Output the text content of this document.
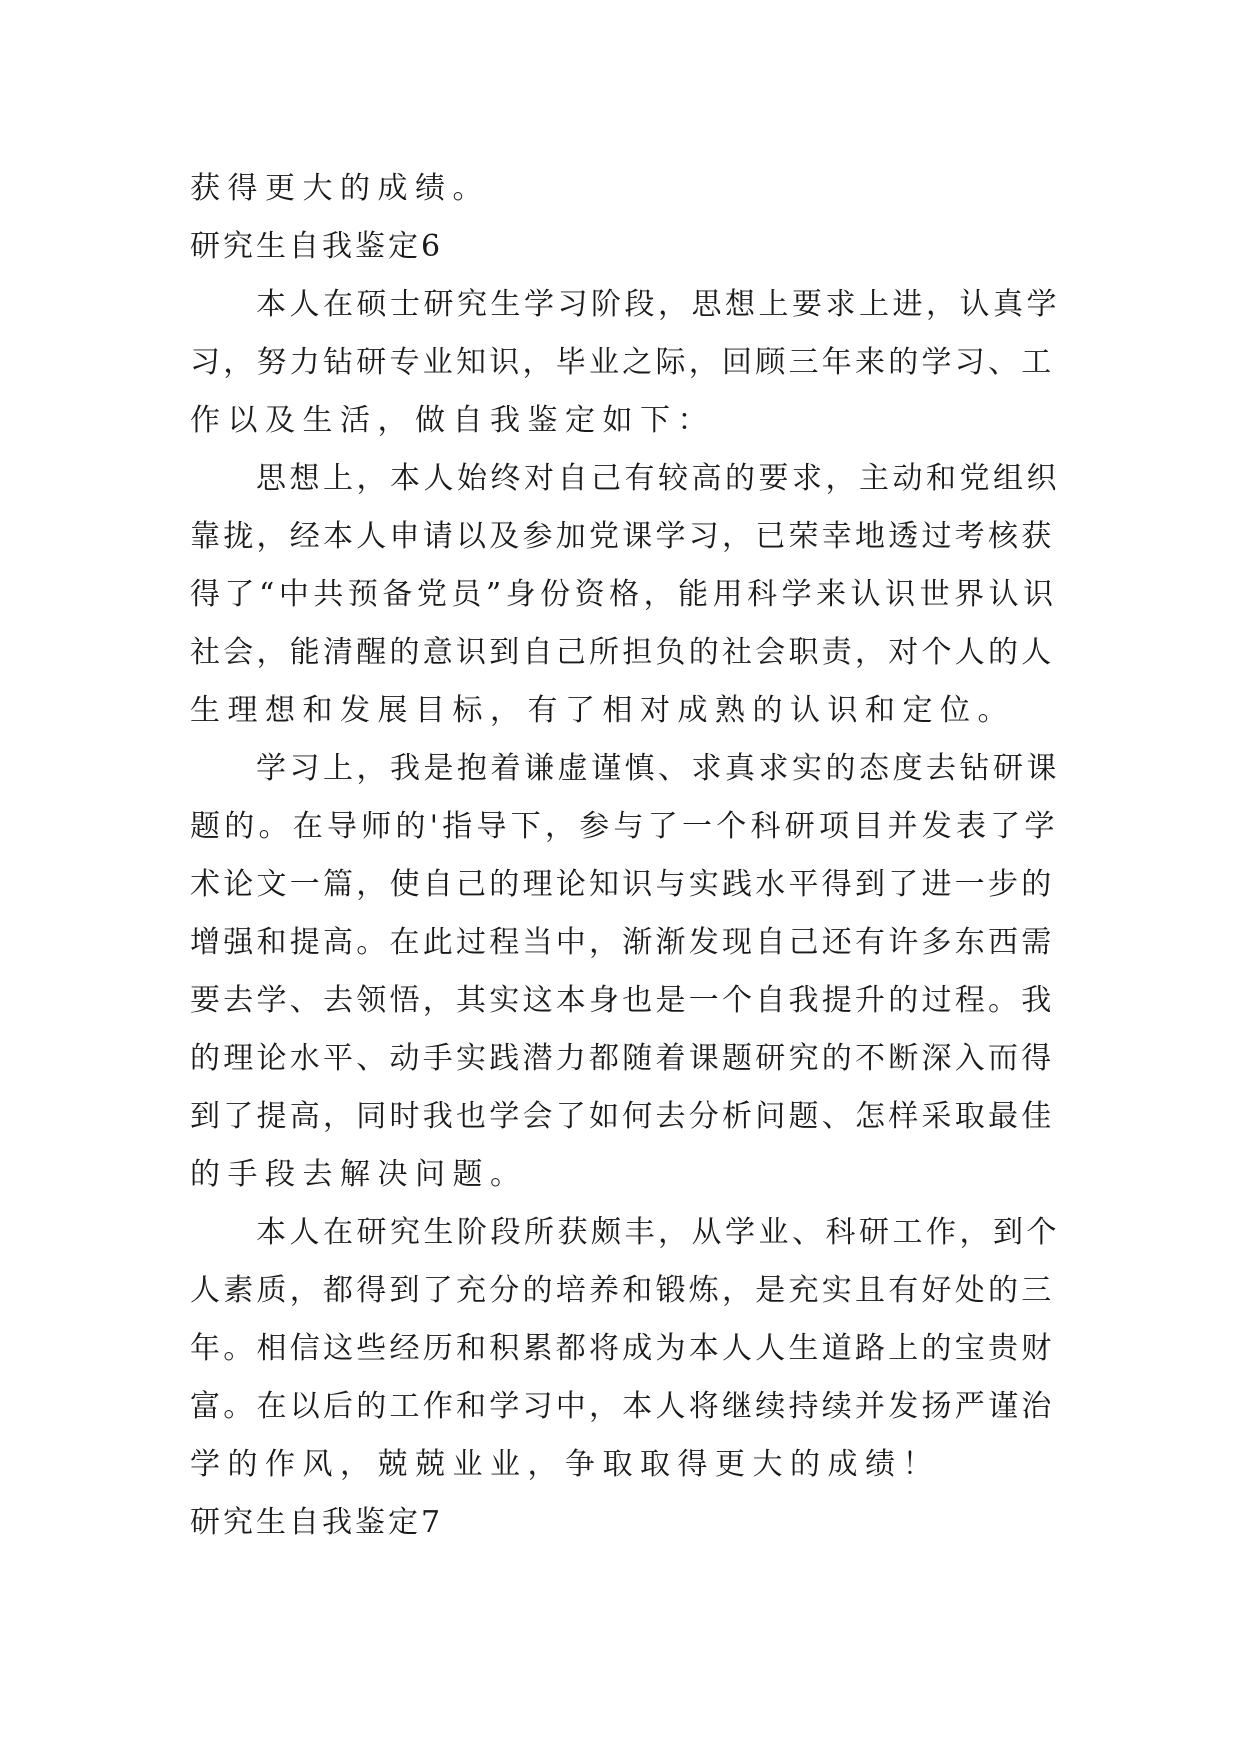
获得更大的成绩。

研究生自我鉴定6

本人在硕士研究生学习阶段，思想上要求上进，认真学

习，努力钻研专业知识，毕业之际，回顾三年来的学习、工

作以及生活，做自我鉴定如下：

思想上，本人始终对自己有较高的要求，主动和党组织

靠拢，经本人申请以及参加党课学习，已荣幸地透过考核获

得了“中共预备党员”身份资格，能用科学来认识世界认识

社会，能清醒的意识到自己所担负的社会职责，对个人的人

生理想和发展目标，有了相对成熟的认识和定位。

学习上，我是抱着谦虚谨慎、求真求实的态度去钻研课

题的。在导师的'指导下，参与了一个科研项目并发表了学

术论文一篇，使自己的理论知识与实践水平得到了进一步的

增强和提高。在此过程当中，渐渐发现自己还有许多东西需

要去学、去领悟，其实这本身也是一个自我提升的过程。我

的理论水平、动手实践潜力都随着课题研究的不断深入而得

到了提高，同时我也学会了如何去分析问题、怎样采取最佳

的手段去解决问题。

本人在研究生阶段所获颇丰，从学业、科研工作，到个

人素质，都得到了充分的培养和锻炼，是充实且有好处的三

年。相信这些经历和积累都将成为本人人生道路上的宝贵财

富。在以后的工作和学习中，本人将继续持续并发扬严谨治

学的作风，兢兢业业，争取取得更大的成绩！

研究生自我鉴定7
